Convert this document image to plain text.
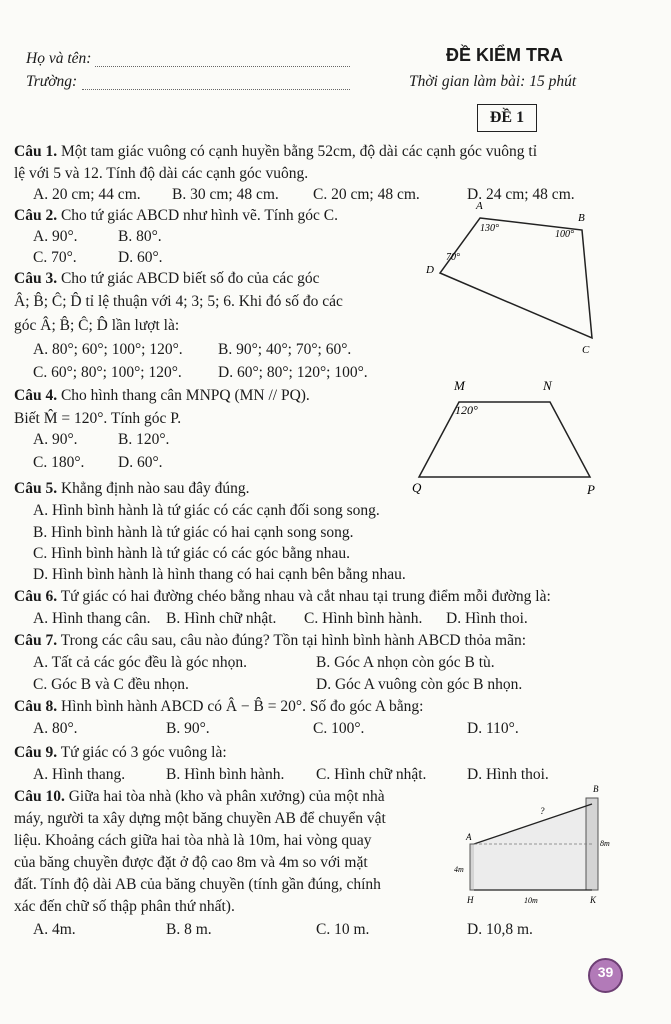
Họ và tên:
Trường:
ĐỀ KIỂM TRA
Thời gian làm bài: 15 phút
ĐỀ 1
Câu 1. Một tam giác vuông có cạnh huyền bằng 52cm, độ dài các cạnh góc vuông tỉ
lệ với 5 và 12. Tính độ dài các cạnh góc vuông.
A. 20 cm; 44 cm. B. 30 cm; 48 cm. C. 20 cm; 48 cm.	D. 24 cm; 48 cm.
Câu 2. Cho tứ giác ABCD như hình vẽ. Tính góc C.
A. 90°.	B. 80°.
C. 70°.	D. 60°.
A
B
C
D
130°
100°
70°
Câu 3. Cho tứ giác ABCD biết số đo của các góc
Â; B̂; Ĉ; D̂ tỉ lệ thuận với 4; 3; 5; 6. Khi đó số đo các
góc Â; B̂; Ĉ; D̂ lần lượt là:
A. 80°; 60°; 100°; 120°. B. 90°; 40°; 70°; 60°.
C. 60°; 80°; 100°; 120°. D. 60°; 80°; 120°; 100°.
Câu 4. Cho hình thang cân MNPQ (MN // PQ).
Biết M̂ = 120°. Tính góc P.
A. 90°.	B. 120°.
C. 180°. D. 60°.
M	N
P
Q
120°
Câu 5. Khẳng định nào sau đây đúng.
A. Hình bình hành là tứ giác có các cạnh đối song song.
B. Hình bình hành là tứ giác có hai cạnh song song.
C. Hình bình hành là tứ giác có các góc bằng nhau.
D. Hình bình hành là hình thang có hai cạnh bên bằng nhau.
Câu 6. Tứ giác có hai đường chéo bằng nhau và cắt nhau tại trung điểm mỗi đường là:
A. Hình thang cân. B. Hình chữ nhật. C. Hình bình hành. D. Hình thoi.
Câu 7. Trong các câu sau, câu nào đúng? Tồn tại hình bình hành ABCD thỏa mãn:
A. Tất cả các góc đều là góc nhọn.	B. Góc A nhọn còn góc B tù.
C. Góc B và C đều nhọn.	D. Góc A vuông còn góc B nhọn.
Câu 8. Hình bình hành ABCD có Â − B̂ = 20°. Số đo góc A bằng:
A. 80°.	B. 90°.	C. 100°.	D. 110°.
Câu 9. Tứ giác có 3 góc vuông là:
A. Hình thang.	B. Hình bình hành. C. Hình chữ nhật.	D. Hình thoi.
Câu 10. Giữa hai tòa nhà (kho và phân xưởng) của một nhà
máy, người ta xây dựng một băng chuyền AB để chuyển vật
liệu. Khoảng cách giữa hai tòa nhà là 10m, hai vòng quay
của băng chuyền được đặt ở độ cao 8m và 4m so với mặt
đất. Tính độ dài AB của băng chuyền (tính gần đúng, chính
xác đến chữ số thập phân thứ nhất).
A. 4m.	B. 8 m.	C. 10 m.	D. 10,8 m.
A
B
H	K
4m
8m
10m
?
39
